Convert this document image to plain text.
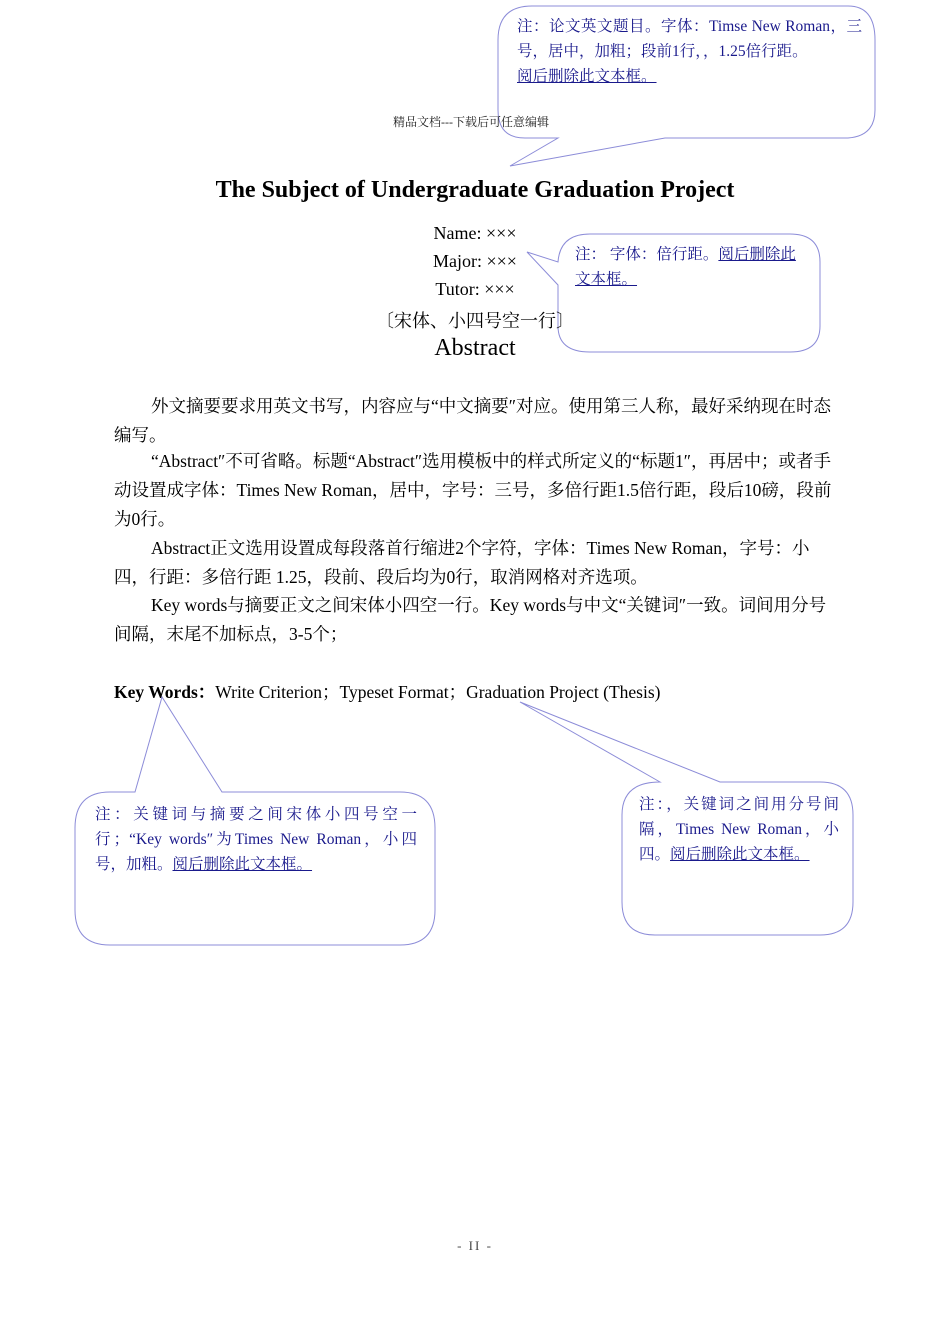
精品文档---下载后可任意编辑
注：论文英文题目。字体：Timse New Roman，三号，居中，加粗；段前1行，，1.25倍行距。
阅后删除此文本框。
The Subject of Undergraduate Graduation Project
Name: ×××
Major: ×××
Tutor: ×××
〔宋体、小四号空一行〕
注： 字体：倍行距。阅后删除此文本框。
Abstract
外文摘要要求用英文书写，内容应与“中文摘要″对应。使用第三人称，最好采纳现在时态编写。
“Abstract″不可省略。标题“Abstract″选用模板中的样式所定义的“标题1″，再居中；或者手动设置成字体：Times New Roman，居中，字号：三号，多倍行距1.5倍行距，段后10磅，段前为0行。
Abstract正文选用设置成每段落首行缩进2个字符，字体：Times New Roman，字号：小四，行距：多倍行距 1.25，段前、段后均为0行，取消网格对齐选项。
Key words与摘要正文之间宋体小四空一行。Key words与中文“关键词″一致。词间用分号间隔，末尾不加标点，3-5个；
Key Words：Write Criterion；Typeset Format；Graduation Project (Thesis)
注：关键词与摘要之间宋体小四号空一行；“Key words″为Times New Roman，小四号，加粗。阅后删除此文本框。
注：，关键词之间用分号间隔，Times New Roman，小四。阅后删除此文本框。
- II -
